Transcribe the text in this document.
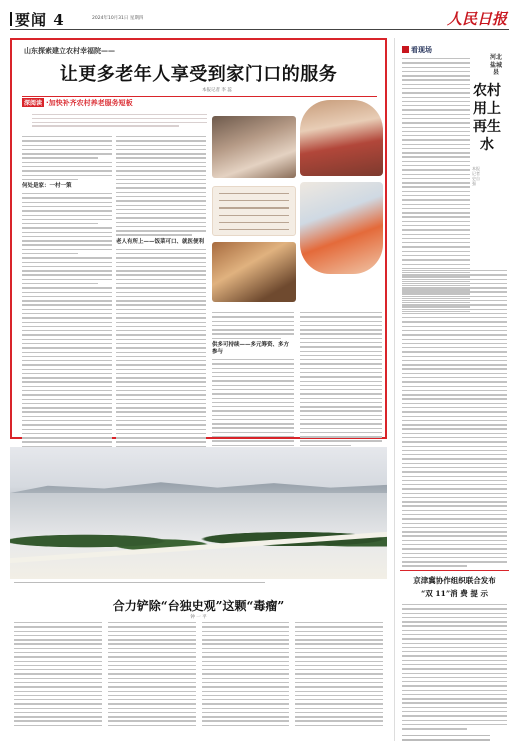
要闻 4	2024年10月31日 星期四	人民日报
山东探索建立农村幸福院——
让更多老年人享受到家门口的服务
本报记者 李 蕊
深阅读 ·加快补齐农村养老服务短板
何处是家：一村一策
老人有所上——饭菜可口、就医便利
供多可持续——多元筹资、多方参与
合力铲除“台独史观”这颗“毒瘤”
钟 一 平
看现场
河北盐城县
农村用上再生水
本报记者 史自强
京津冀协作组织联合发布
“双 11”消 费 提 示
